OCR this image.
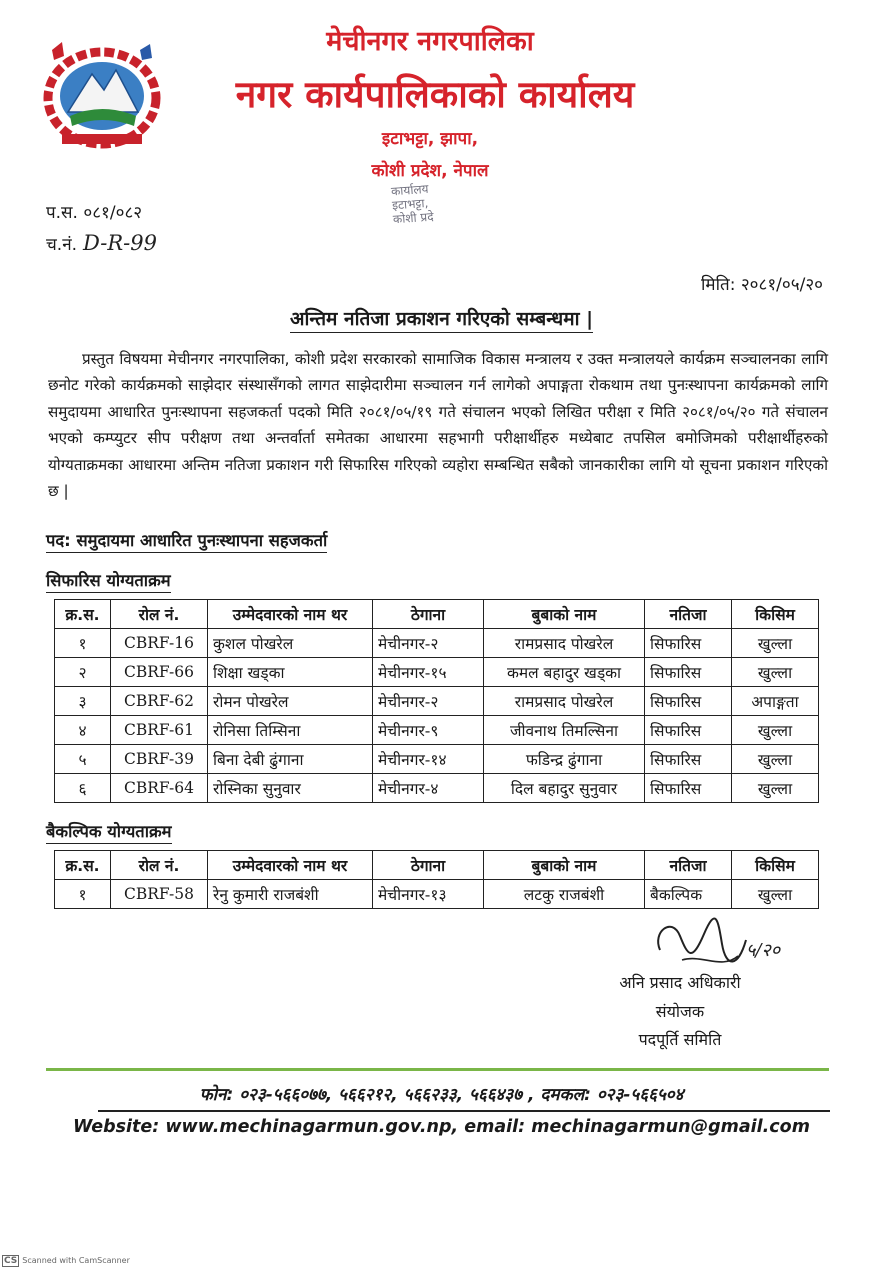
मेचीनगर नगरपालिका
नगर कार्यपालिकाको कार्यालय
इटाभट्टा, झापा,
कोशी प्रदेश, नेपाल
कार्यालय
इटाभट्टा,
कोशी प्रदे
प.स. ०८१/०८२
च.नं. D-R-99
मिति: २०८१/०५/२०
अन्तिम नतिजा प्रकाशन गरिएको सम्बन्धमा |
प्रस्तुत विषयमा मेचीनगर नगरपालिका, कोशी प्रदेश सरकारको सामाजिक विकास मन्त्रालय र उक्त मन्त्रालयले कार्यक्रम सञ्चालनका लागि छनोट गरेको कार्यक्रमको साझेदार संस्थासँगको लागत साझेदारीमा सञ्चालन गर्न लागेको अपाङ्गता रोकथाम तथा पुनःस्थापना कार्यक्रमको लागि समुदायमा आधारित पुनःस्थापना सहजकर्ता पदको मिति २०८१/०५/१९ गते संचालन भएको लिखित परीक्षा र मिति २०८१/०५/२० गते संचालन भएको कम्प्युटर सीप परीक्षण तथा अन्तर्वार्ता समेतका आधारमा सहभागी परीक्षार्थीहरु मध्येबाट तपसिल बमोजिमको परीक्षार्थीहरुको योग्यताक्रमका आधारमा अन्तिम नतिजा प्रकाशन गरी सिफारिस गरिएको व्यहोरा सम्बन्धित सबैको जानकारीका लागि यो सूचना प्रकाशन गरिएको छ |
पद: समुदायमा आधारित पुनःस्थापना सहजकर्ता
सिफारिस योग्यताक्रम
क्र.स.	रोल नं.	उम्मेदवारको नाम थर	ठेगाना	बुबाको नाम	नतिजा	किसिम
१	CBRF-16	कुशल पोखरेल	मेचीनगर-२	रामप्रसाद पोखरेल	सिफारिस	खुल्ला
२	CBRF-66	शिक्षा खड्का	मेचीनगर-१५	कमल बहादुर खड्का	सिफारिस	खुल्ला
३	CBRF-62	रोमन पोखरेल	मेचीनगर-२	रामप्रसाद पोखरेल	सिफारिस	अपाङ्गता
४	CBRF-61	रोनिसा तिम्सिना	मेचीनगर-९	जीवनाथ तिमल्सिना	सिफारिस	खुल्ला
५	CBRF-39	बिना देबी ढुंगाना	मेचीनगर-१४	फडिन्द्र ढुंगाना	सिफारिस	खुल्ला
६	CBRF-64	रोस्निका सुनुवार	मेचीनगर-४	दिल बहादुर सुनुवार	सिफारिस	खुल्ला
बैकल्पिक योग्यताक्रम
क्र.स.	रोल नं.	उम्मेदवारको नाम थर	ठेगाना	बुबाको नाम	नतिजा	किसिम
१	CBRF-58	रेनु कुमारी राजबंशी	मेचीनगर-१३	लटकु राजबंशी	बैकल्पिक	खुल्ला
५/२०
अनि प्रसाद अधिकारी
संयोजक
पदपूर्ति समिति
फोन: ०२३-५६६०७७, ५६६२१२, ५६६२३३, ५६६४३७ , दमकल: ०२३-५६६५०४
Website: www.mechinagarmun.gov.np, email: mechinagarmun@gmail.com
CS Scanned with CamScanner
